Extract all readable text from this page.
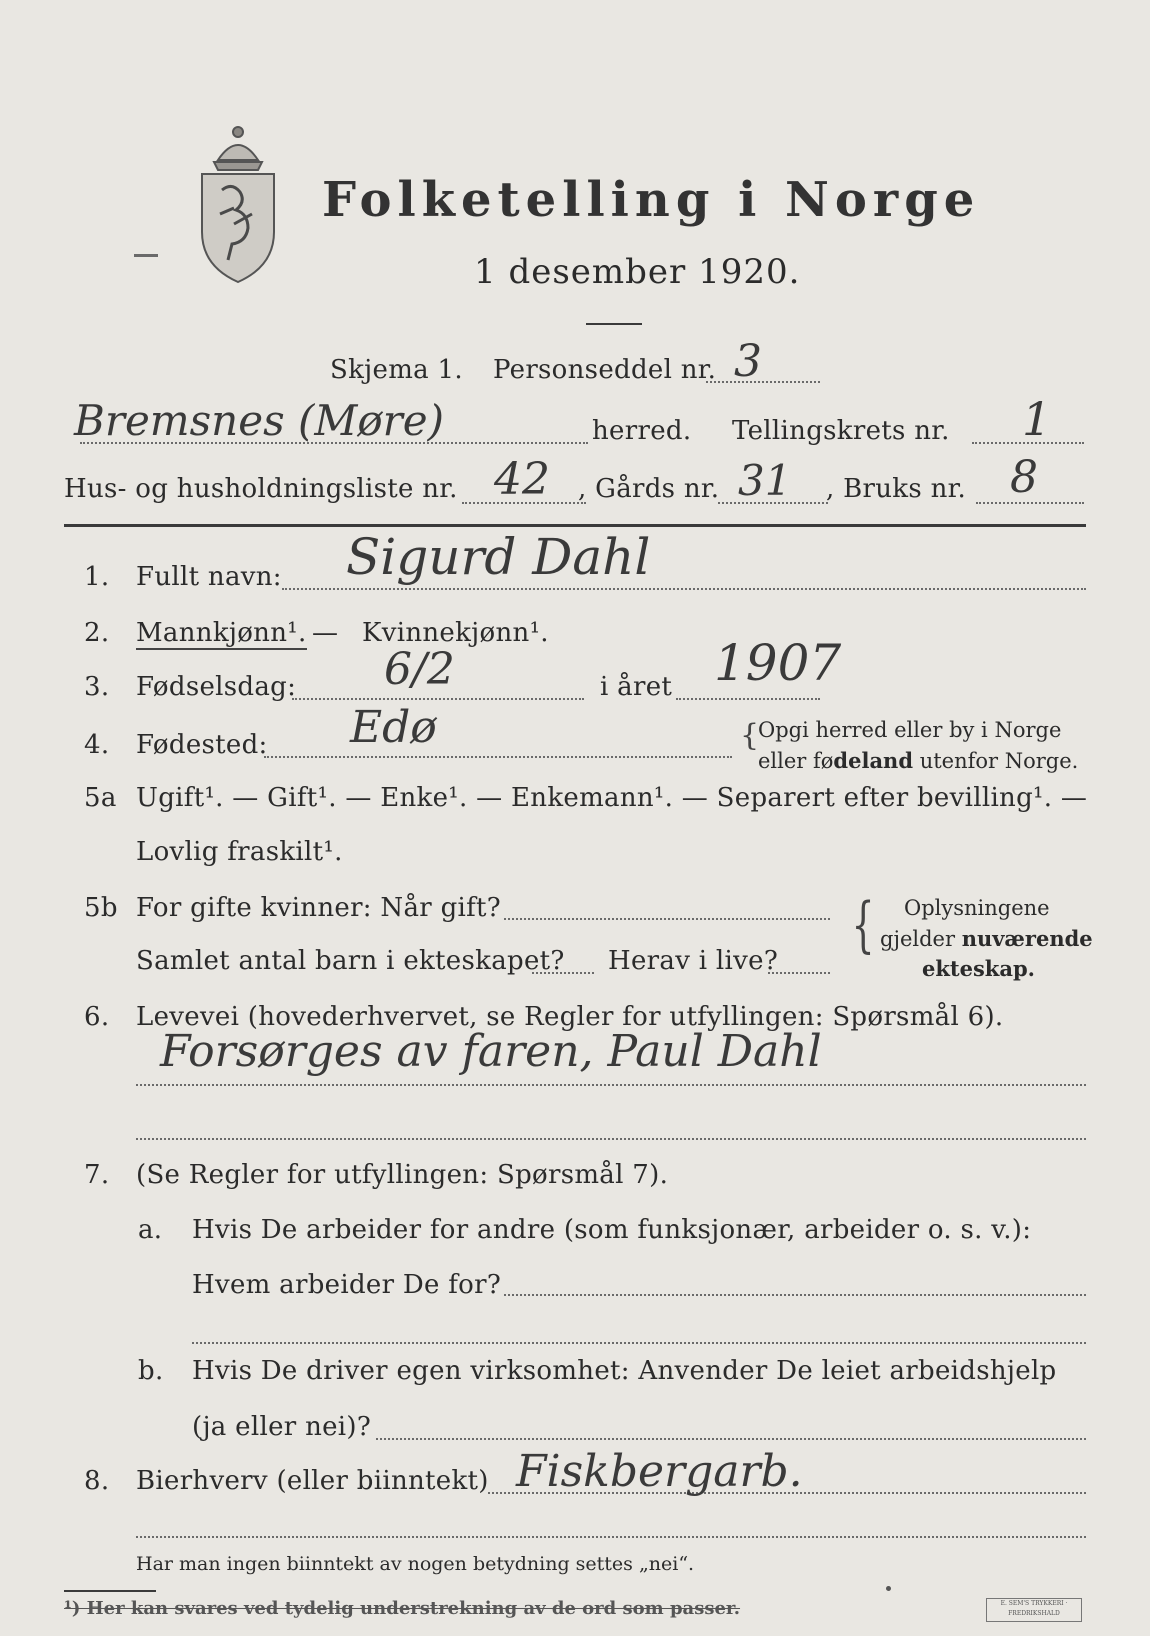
Folketelling i Norge
1 desember 1920.
Skjema 1. Personseddel nr. 3
Bremsnes (Møre)	herred. Tellingskrets nr. 1
Hus- og husholdningsliste nr. 42 , Gårds nr. 31 , Bruks nr. 8
1. Fullt navn: Sigurd Dahl
2. Mannkjønn¹. — Kvinnekjønn¹.
3. Fødselsdag: 6/2	i året 1907
4. Fødested: Edø	{
Opgi herred eller by i Norge
eller fødeland utenfor Norge.
5a Ugift¹. — Gift¹. — Enke¹. — Enkemann¹. — Separert efter bevilling¹. —
Lovlig fraskilt¹.
5b For gifte kvinner: Når gift?
Samlet antal barn i ekteskapet? Herav i live?
{ Oplysningene
gjelder nuværende
ekteskap.
6. Levevei (hovederhvervet, se Regler for utfyllingen: Spørsmål 6).
Forsørges av faren, Paul Dahl
7. (Se Regler for utfyllingen: Spørsmål 7).
a. Hvis De arbeider for andre (som funksjonær, arbeider o. s. v.):
Hvem arbeider De for?
b. Hvis De driver egen virksomhet: Anvender De leiet arbeidshjelp
(ja eller nei)?
8. Bierhverv (eller biinntekt) Fiskbergarb.
Har man ingen biinntekt av nogen betydning settes „nei“.
¹) Her kan svares ved tydelig understrekning av de ord som passer.	E. SEM'S TRYKKERI · FREDRIKSHALD
